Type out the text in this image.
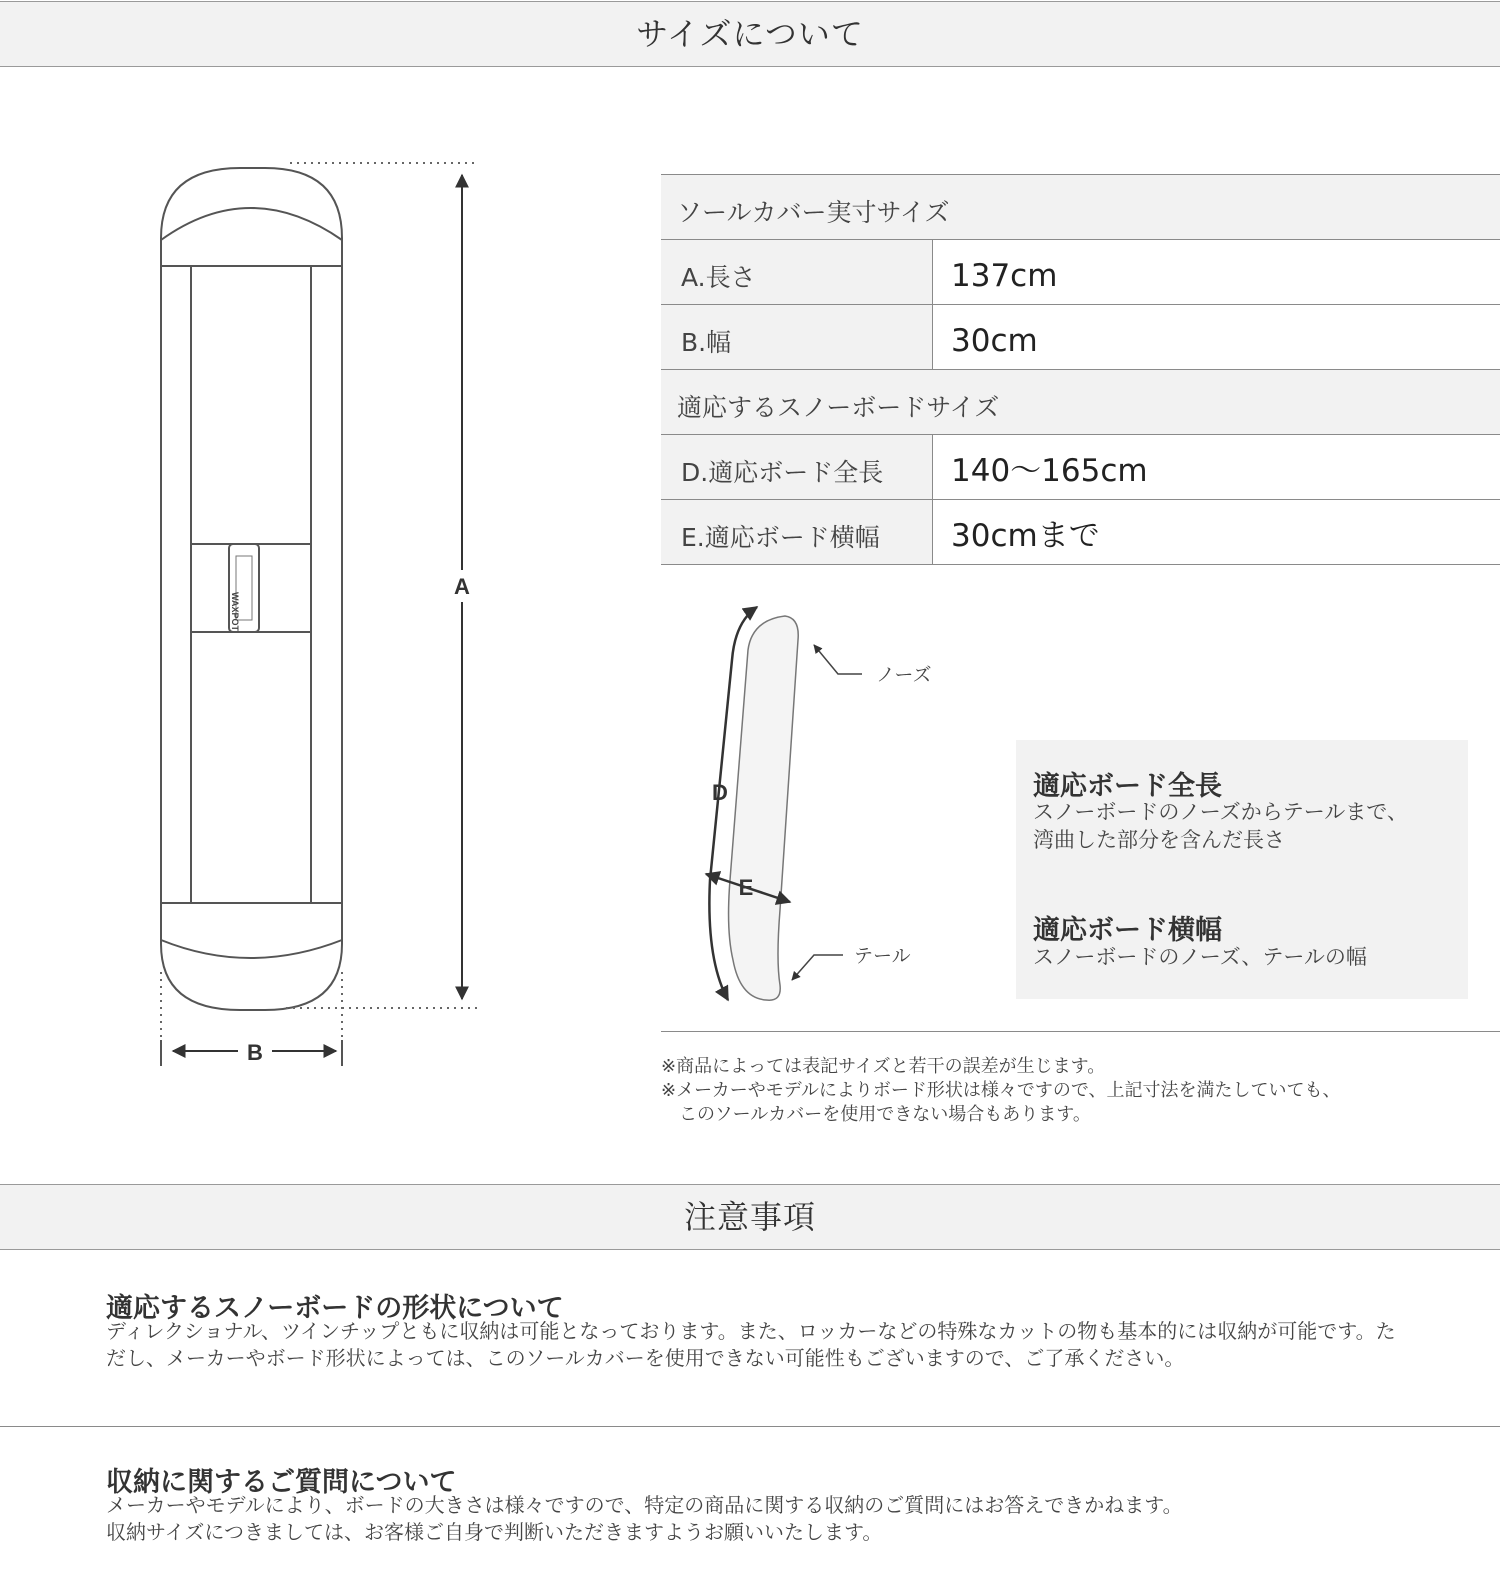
サイズについて
WAXPOT
A
B
ソールカバー実寸サイズ
A.長さ	137cm
B.幅	30cm
適応するスノーボードサイズ
D.適応ボード全長	140〜165cm
E.適応ボード横幅	30cmまで
D
E
ノーズ
テール
適応ボード全長
スノーボードのノーズからテールまで、
湾曲した部分を含んだ長さ
適応ボード横幅
スノーボードのノーズ、テールの幅
※商品によっては表記サイズと若干の誤差が生じます。
※メーカーやモデルによりボード形状は様々ですので、上記寸法を満たしていても、
　このソールカバーを使用できない場合もあります。
注意事項
適応するスノーボードの形状について
ディレクショナル、ツインチップともに収納は可能となっております。また、ロッカーなどの特殊なカットの物も基本的には収納が可能です。ただし、メーカーやボード形状によっては、このソールカバーを使用できない可能性もございますので、ご了承ください。
収納に関するご質問について
メーカーやモデルにより、ボードの大きさは様々ですので、特定の商品に関する収納のご質問にはお答えできかねます。
収納サイズにつきましては、お客様ご自身で判断いただきますようお願いいたします。
